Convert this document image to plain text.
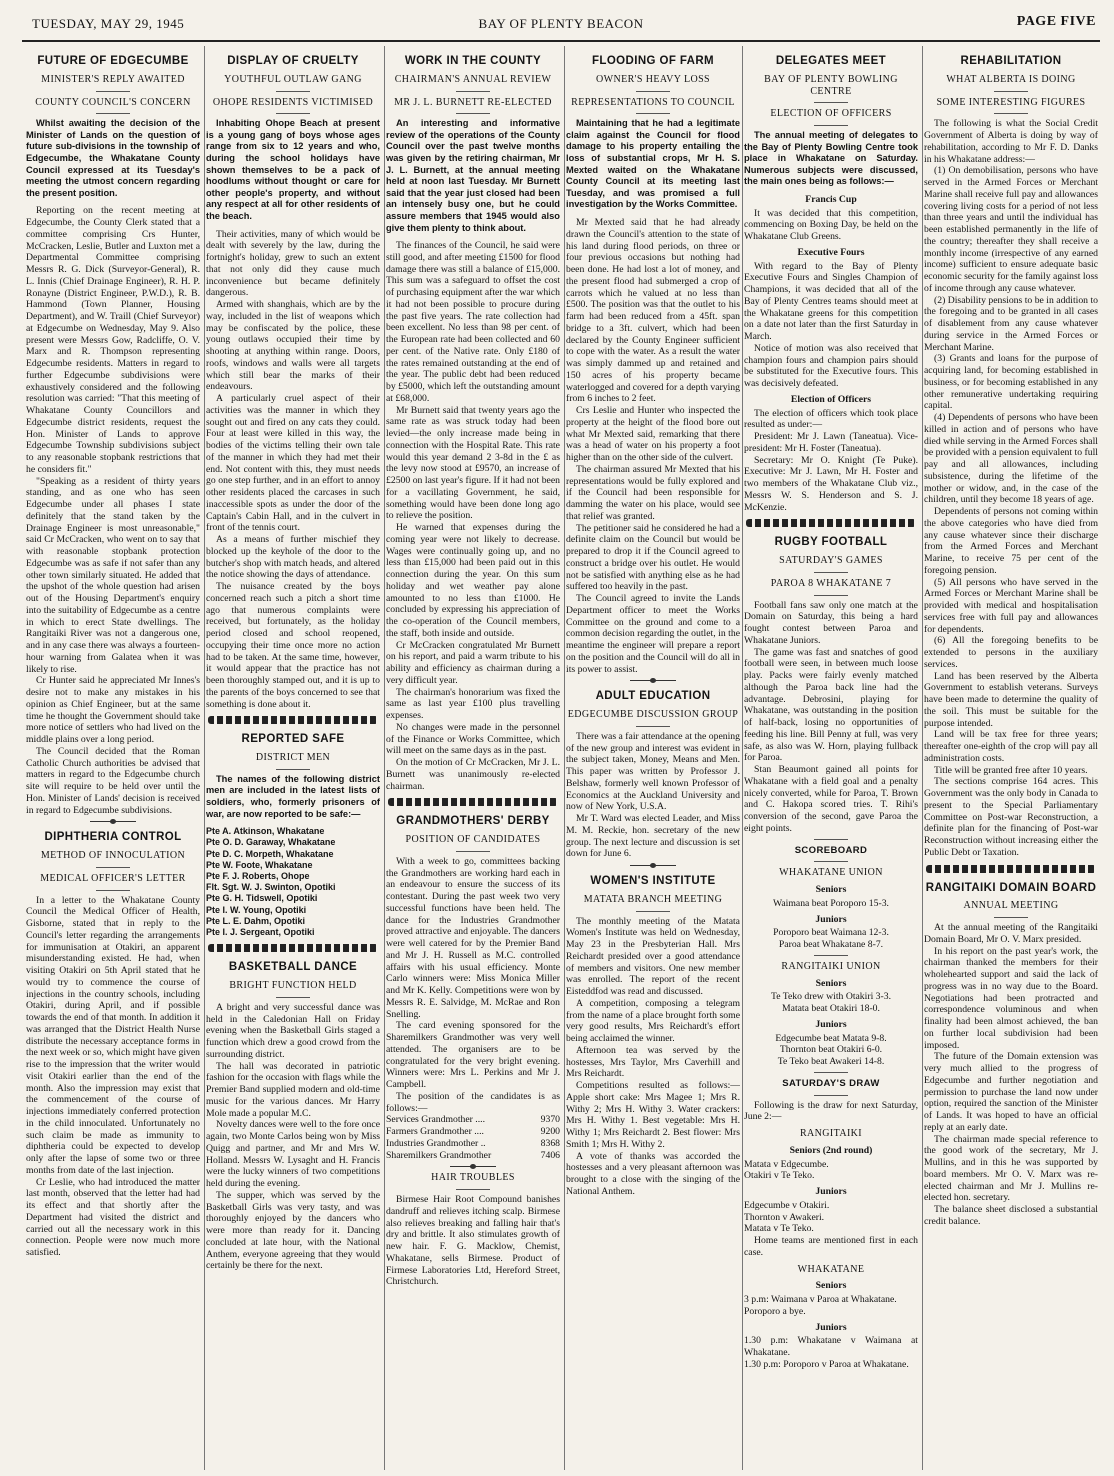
TUESDAY, MAY 29, 1945	BAY OF PLENTY BEACON	PAGE FIVE
FUTURE OF EDGECUMBE
MINISTER'S REPLY AWAITED
COUNTY COUNCIL'S CONCERN
Whilst awaiting the decision of the Minister of Lands on the question of future sub-divisions in the township of Edgecumbe, the Whakatane County Council expressed at its Tuesday's meeting the utmost concern regarding the present position.

Reporting on the recent meeting at Edgecumbe, the County Clerk stated that a committee comprising Crs Hunter, McCracken, Leslie, Butler and Luxton met a Departmental Committee comprising Messrs R. G. Dick (Surveyor-General), R. L. Innis (Chief Drainage Engineer), R. H. P. Ronayne (District Engineer, P.W.D.), R. B. Hammond (Town Planner, Housing Department), and W. Traill (Chief Surveyor) at Edgecumbe on Wednesday, May 9. Also present were Messrs Gow, Radcliffe, O. V. Marx and R. Thompson representing Edgecumbe residents. Matters in regard to further Edgecumbe subdivisions were exhaustively considered and the following resolution was carried: "That this meeting of Whakatane County Councillors and Edgecumbe district residents, request the Hon. Minister of Lands to approve Edgecumbe Township subdivisions subject to any reasonable stopbank restrictions that he considers fit."

"Speaking as a resident of thirty years standing, and as one who has seen Edgecumbe under all phases I state definitely that the stand taken by the Drainage Engineer is most unreasonable," said Cr McCracken, who went on to say that with reasonable stopbank protection Edgecumbe was as safe if not safer than any other town similarly situated. He added that the upshot of the whole question had arisen out of the Housing Department's enquiry into the suitability of Edgecumbe as a centre in which to erect State dwellings. The Rangitaiki River was not a dangerous one, and in any case there was always a fourteen-hour warning from Galatea when it was likely to rise.

Cr Hunter said he appreciated Mr Innes's desire not to make any mistakes in his opinion as Chief Engineer, but at the same time he thought the Government should take more notice of settlers who had lived on the middle plains over a long period.

The Council decided that the Roman Catholic Church authorities be advised that matters in regard to the Edgecumbe church site will require to be held over until the Hon. Minister of Lands' decision is received in regard to Edgecumbe subdivisions.

DIPHTHERIA CONTROL
METHOD OF INNOCULATION
MEDICAL OFFICER'S LETTER

In a letter to the Whakatane County Council the Medical Officer of Health, Gisborne, stated that in reply to the Council's letter regarding the arrangements for immunisation at Otakiri, an apparent misunderstanding existed. He had, when visiting Otakiri on 5th April stated that he would try to commence the course of injections in the country schools, including Otakiri, during April, and if possible towards the end of that month. In addition it was arranged that the District Health Nurse distribute the necessary acceptance forms in the next week or so, which might have given rise to the impression that the writer would visit Otakiri earlier than the end of the month. Also the impression may exist that the commencement of the course of injections immediately conferred protection in the child innoculated. Unfortunately no such claim be made as immunity to diphtheria could be expected to develop only after the lapse of some two or three months from date of the last injection.

Cr Leslie, who had introduced the matter last month, observed that the letter had had its effect and that shortly after the Department had visited the district and carried out all the necessary work in this connection. People were now much more satisfied.

DISPLAY OF CRUELTY
YOUTHFUL OUTLAW GANG
OHOPE RESIDENTS VICTIMISED
Inhabiting Ohope Beach at present is a young gang of boys whose ages range from six to 12 years and who, during the school holidays have shown themselves to be a pack of hoodlums without thought or care for other people's property, and without any respect at all for other residents of the beach.

Their activities, many of which would be dealt with severely by the law, during the fortnight's holiday, grew to such an extent that not only did they cause much inconvenience but became definitely dangerous.

Armed with shanghais, which are by the way, included in the list of weapons which may be confiscated by the police, these young outlaws occupied their time by shooting at anything within range. Doors, roofs, windows and walls were all targets which still bear the marks of their endeavours.

A particularly cruel aspect of their activities was the manner in which they sought out and fired on any cats they could. Four at least were killed in this way, the bodies of the victims telling their own tale of the manner in which they had met their end. Not content with this, they must needs go one step further, and in an effort to annoy other residents placed the carcases in such inaccessible spots as under the door of the Captain's Cabin Hall, and in the culvert in front of the tennis court.

As a means of further mischief they blocked up the keyhole of the door to the butcher's shop with match heads, and altered the notice showing the days of attendance.

The nuisance created by the boys concerned reach such a pitch a short time ago that numerous complaints were received, but fortunately, as the holiday period closed and school reopened, occupying their time once more no action had to be taken. At the same time, however, it would appear that the practice has not been thoroughly stamped out, and it is up to the parents of the boys concerned to see that something is done about it.

REPORTED SAFE
DISTRICT MEN
The names of the following district men are included in the latest lists of soldiers, who, formerly prisoners of war, are now reported to be safe:—
Pte A. Atkinson, Whakatane
Pte O. D. Garaway, Whakatane
Pte D. C. Morpeth, Whakatane
Pte W. Foote, Whakatane
Pte F. J. Roberts, Ohope
Flt. Sgt. W. J. Swinton, Opotiki
Pte G. H. Tidswell, Opotiki
Pte I. W. Young, Opotiki
Pte L. E. Dahm, Opotiki
Pte I. J. Sergeant, Opotiki
BASKETBALL DANCE
BRIGHT FUNCTION HELD

A bright and very successful dance was held in the Caledonian Hall on Friday evening when the Basketball Girls staged a function which drew a good crowd from the surrounding district.

The hall was decorated in patriotic fashion for the occasion with flags while the Premier Band supplied modern and old-time music for the various dances. Mr Harry Mole made a popular M.C.

Novelty dances were well to the fore once again, two Monte Carlos being won by Miss Quigg and partner, and Mr and Mrs W. Holland. Messrs W. Lysaght and H. Francis were the lucky winners of two competitions held during the evening.

The supper, which was served by the Basketball Girls was very tasty, and was thoroughly enjoyed by the dancers who were more than ready for it. Dancing concluded at late hour, with the National Anthem, everyone agreeing that they would certainly be there for the next.

WORK IN THE COUNTY
CHAIRMAN'S ANNUAL REVIEW
MR J. L. BURNETT RE-ELECTED
An interesting and informative review of the operations of the County Council over the past twelve months was given by the retiring chairman, Mr J. L. Burnett, at the annual meeting held at noon last Tuesday. Mr Burnett said that the year just closed had been an intensely busy one, but he could assure members that 1945 would also give them plenty to think about.

The finances of the Council, he said were still good, and after meeting £1500 for flood damage there was still a balance of £15,000. This sum was a safeguard to offset the cost of purchasing equipment after the war which it had not been possible to procure during the past five years. The rate collection had been excellent. No less than 98 per cent. of the European rate had been collected and 60 per cent. of the Native rate. Only £180 of the rates remained outstanding at the end of the year. The public debt had been reduced by £5000, which left the outstanding amount at £68,000.

Mr Burnett said that twenty years ago the same rate as was struck today had been levied—the only increase made being in connection with the Hospital Rate. This rate would this year demand 2 3-8d in the £ as the levy now stood at £9570, an increase of £2500 on last year's figure. If it had not been for a vacillating Government, he said, something would have been done long ago to relieve the position.

He warned that expenses during the coming year were not likely to decrease. Wages were continually going up, and no less than £15,000 had been paid out in this connection during the year. On this sum holiday and wet weather pay alone amounted to no less than £1000. He concluded by expressing his appreciation of the co-operation of the Council members, the staff, both inside and outside.

Cr McCracken congratulated Mr Burnett on his report, and paid a warm tribute to his ability and efficiency as chairman during a very difficult year.

The chairman's honorarium was fixed the same as last year £100 plus travelling expenses.

No changes were made in the personnel of the Finance or Works Committee, which will meet on the same days as in the past.

On the motion of Cr McCracken, Mr J. L. Burnett was unanimously re-elected chairman.

GRANDMOTHERS' DERBY
POSITION OF CANDIDATES

With a week to go, committees backing the Grandmothers are working hard each in an endeavour to ensure the success of its contestant. During the past week two very successful functions have been held. The dance for the Industries Grandmother proved attractive and enjoyable. The dancers were well catered for by the Premier Band and Mr J. H. Russell as M.C. controlled affairs with his usual efficiency. Monte Carlo winners were: Miss Monica Miller and Mr K. Kelly. Competitions were won by Messrs R. E. Salvidge, M. McRae and Ron Snelling.

The card evening sponsored for the Sharemilkers Grandmother was very well attended. The organisers are to be congratulated for the very bright evening. Winners were: Mrs L. Perkins and Mr J. Campbell.

The position of the candidates is as follows:—

Services Grandmother ....	9370
Farmers Grandmother ....	9200
Industries Grandmother ..	8368
Sharemilkers Grandmother	7406
HAIR TROUBLES

Birmese Hair Root Compound banishes dandruff and relieves itching scalp. Birmese also relieves breaking and falling hair that's dry and brittle. It also stimulates growth of new hair. F. G. Macklow, Chemist, Whakatane, sells Birmese. Product of Firmese Laboratories Ltd, Hereford Street, Christchurch.

FLOODING OF FARM
OWNER'S HEAVY LOSS
REPRESENTATIONS TO COUNCIL
Maintaining that he had a legitimate claim against the Council for flood damage to his property entailing the loss of substantial crops, Mr H. S. Mexted waited on the Whakatane County Council at its meeting last Tuesday, and was promised a full investigation by the Works Committee.

Mr Mexted said that he had already drawn the Council's attention to the state of his land during flood periods, on three or four previous occasions but nothing had been done. He had lost a lot of money, and the present flood had submerged a crop of carrots which he valued at no less than £500. The position was that the outlet to his farm had been reduced from a 45ft. span bridge to a 3ft. culvert, which had been declared by the County Engineer sufficient to cope with the water. As a result the water was simply dammed up and retained and 150 acres of his property became waterlogged and covered for a depth varying from 6 inches to 2 feet.

Crs Leslie and Hunter who inspected the property at the height of the flood bore out what Mr Mexted said, remarking that there was a head of water on his property a foot higher than on the other side of the culvert.

The chairman assured Mr Mexted that his representations would be fully explored and if the Council had been responsible for damming the water on his place, would see that relief was granted.

The petitioner said he considered he had a definite claim on the Council but would be prepared to drop it if the Council agreed to construct a bridge over his outlet. He would not be satisfied with anything else as he had suffered too heavily in the past.

The Council agreed to invite the Lands Department officer to meet the Works Committee on the ground and come to a common decision regarding the outlet, in the meantime the engineer will prepare a report on the position and the Council will do all in its power to assist.

ADULT EDUCATION
EDGECUMBE DISCUSSION GROUP

There was a fair attendance at the opening of the new group and interest was evident in the subject taken, Money, Means and Men. This paper was written by Professor J. Belshaw, formerly well known Professor of Economics at the Auckland University and now of New York, U.S.A.

Mr T. Ward was elected Leader, and Miss M. M. Reckie, hon. secretary of the new group. The next lecture and discussion is set down for June 6.

WOMEN'S INSTITUTE
MATATA BRANCH MEETING

The monthly meeting of the Matata Women's Institute was held on Wednesday, May 23 in the Presbyterian Hall. Mrs Reichardt presided over a good attendance of members and visitors. One new member was enrolled. The report of the recent Eisteddfod was read and discussed.

A competition, composing a telegram from the name of a place brought forth some very good results, Mrs Reichardt's effort being acclaimed the winner.

Afternoon tea was served by the hostesses, Mrs Taylor, Mrs Caverhill and Mrs Reichardt.

Competitions resulted as follows:— Apple short cake: Mrs Magee 1; Mrs R. Withy 2; Mrs H. Withy 3. Water crackers: Mrs H. Withy 1. Best vegetable: Mrs H. Withy 1; Mrs Reichardt 2. Best flower: Mrs Smith 1; Mrs H. Withy 2.

A vote of thanks was accorded the hostesses and a very pleasant afternoon was brought to a close with the singing of the National Anthem.

DELEGATES MEET
BAY OF PLENTY BOWLING CENTRE
ELECTION OF OFFICERS
The annual meeting of delegates to the Bay of Plenty Bowling Centre took place in Whakatane on Saturday. Numerous subjects were discussed, the main ones being as follows:—
Francis Cup

It was decided that this competition, commencing on Boxing Day, be held on the Whakatane Club Greens.

Executive Fours

With regard to the Bay of Plenty Executive Fours and Singles Champion of Champions, it was decided that all of the Bay of Plenty Centres teams should meet at the Whakatane greens for this competition on a date not later than the first Saturday in March.

Notice of motion was also received that champion fours and champion pairs should be substituted for the Executive fours. This was decisively defeated.

Election of Officers

The election of officers which took place resulted as under:—

President: Mr J. Lawn (Taneatua). Vice-president: Mr H. Foster (Taneatua).

Secretary: Mr O. Knight (Te Puke). Executive: Mr J. Lawn, Mr H. Foster and two members of the Whakatane Club viz., Messrs W. S. Henderson and S. J. McKenzie.

RUGBY FOOTBALL
SATURDAY'S GAMES
PAROA 8 WHAKATANE 7

Football fans saw only one match at the Domain on Saturday, this being a hard fought contest between Paroa and Whakatane Juniors.

The game was fast and snatches of good football were seen, in between much loose play. Packs were fairly evenly matched although the Paroa back line had the advantage. Debrosini, playing for Whakatane, was outstanding in the position of half-back, losing no opportunities of feeding his line. Bill Penny at full, was very safe, as also was W. Horn, playing fullback for Paroa.

Stan Beaumont gained all points for Whakatane with a field goal and a penalty nicely converted, while for Paroa, T. Brown and C. Hakopa scored tries. T. Rihi's conversion of the second, gave Paroa the eight points.

SCOREBOARD
WHAKATANE UNION
Seniors
Waimana beat Poroporo 15-3.
Juniors
Poroporo beat Waimana 12-3.
Paroa beat Whakatane 8-7.
RANGITAIKI UNION
Seniors
Te Teko drew with Otakiri 3-3.
Matata beat Otakiri 18-0.
Juniors
Edgecumbe beat Matata 9-8.
Thornton beat Otakiri 6-0.
Te Teko beat Awakeri 14-8.
SATURDAY'S DRAW

Following is the draw for next Saturday, June 2:—

RANGITAIKI
Seniors (2nd round)
Matata v Edgecumbe.
Otakiri v Te Teko.
Juniors
Edgecumbe v Otakiri.
Thornton v Awakeri.
Matata v Te Teko.

Home teams are mentioned first in each case.

WHAKATANE
Seniors
3 p.m: Waimana v Paroa at Whakatane.
Poroporo a bye.
Juniors
1.30 p.m: Whakatane v Waimana at Whakatane.
1.30 p.m: Poroporo v Paroa at Whakatane.
REHABILITATION
WHAT ALBERTA IS DOING
SOME INTERESTING FIGURES

The following is what the Social Credit Government of Alberta is doing by way of rehabilitation, according to Mr F. D. Danks in his Whakatane address:—

(1) On demobilisation, persons who have served in the Armed Forces or Merchant Marine shall receive full pay and allowances covering living costs for a period of not less than three years and until the individual has been established permanently in the life of the country; thereafter they shall receive a monthly income (irrespective of any earned income) sufficient to ensure adequate basic economic security for the family against loss of income through any cause whatever.

(2) Disability pensions to be in addition to the foregoing and to be granted in all cases of disablement from any cause whatever during service in the Armed Forces or Merchant Marine.

(3) Grants and loans for the purpose of acquiring land, for becoming established in business, or for becoming established in any other remunerative undertaking requiring capital.

(4) Dependents of persons who have been killed in action and of persons who have died while serving in the Armed Forces shall be provided with a pension equivalent to full pay and all allowances, including subsistence, during the lifetime of the mother or widow, and, in the case of the children, until they become 18 years of age.

Dependents of persons not coming within the above categories who have died from any cause whatever since their discharge from the Armed Forces and Merchant Marine, to receive 75 per cent of the foregoing pension.

(5) All persons who have served in the Armed Forces or Merchant Marine shall be provided with medical and hospitalisation services free with full pay and allowances for dependents.

(6) All the foregoing benefits to be extended to persons in the auxiliary services.

Land has been reserved by the Alberta Government to establish veterans. Surveys have been made to determine the quality of the soil. This must be suitable for the purpose intended.

Land will be tax free for three years; thereafter one-eighth of the crop will pay all administration costs.

Title will be granted free after 10 years.

The sections comprise 164 acres. This Government was the only body in Canada to present to the Special Parliamentary Committee on Post-war Reconstruction, a definite plan for the financing of Post-war Reconstruction without increasing either the Public Debt or Taxation.

RANGITAIKI DOMAIN BOARD
ANNUAL MEETING

At the annual meeting of the Rangitaiki Domain Board, Mr O. V. Marx presided.

In his report on the past year's work, the chairman thanked the members for their wholehearted support and said the lack of progress was in no way due to the Board. Negotiations had been protracted and correspondence voluminous and when finality had been almost achieved, the ban on further local subdivision had been imposed.

The future of the Domain extension was very much allied to the progress of Edgecumbe and further negotiation and permission to purchase the land now under option, required the sanction of the Minister of Lands. It was hoped to have an official reply at an early date.

The chairman made special reference to the good work of the secretary, Mr J. Mullins, and in this he was supported by board members. Mr O. V. Marx was re-elected chairman and Mr J. Mullins re-elected hon. secretary.

The balance sheet disclosed a substantial credit balance.
